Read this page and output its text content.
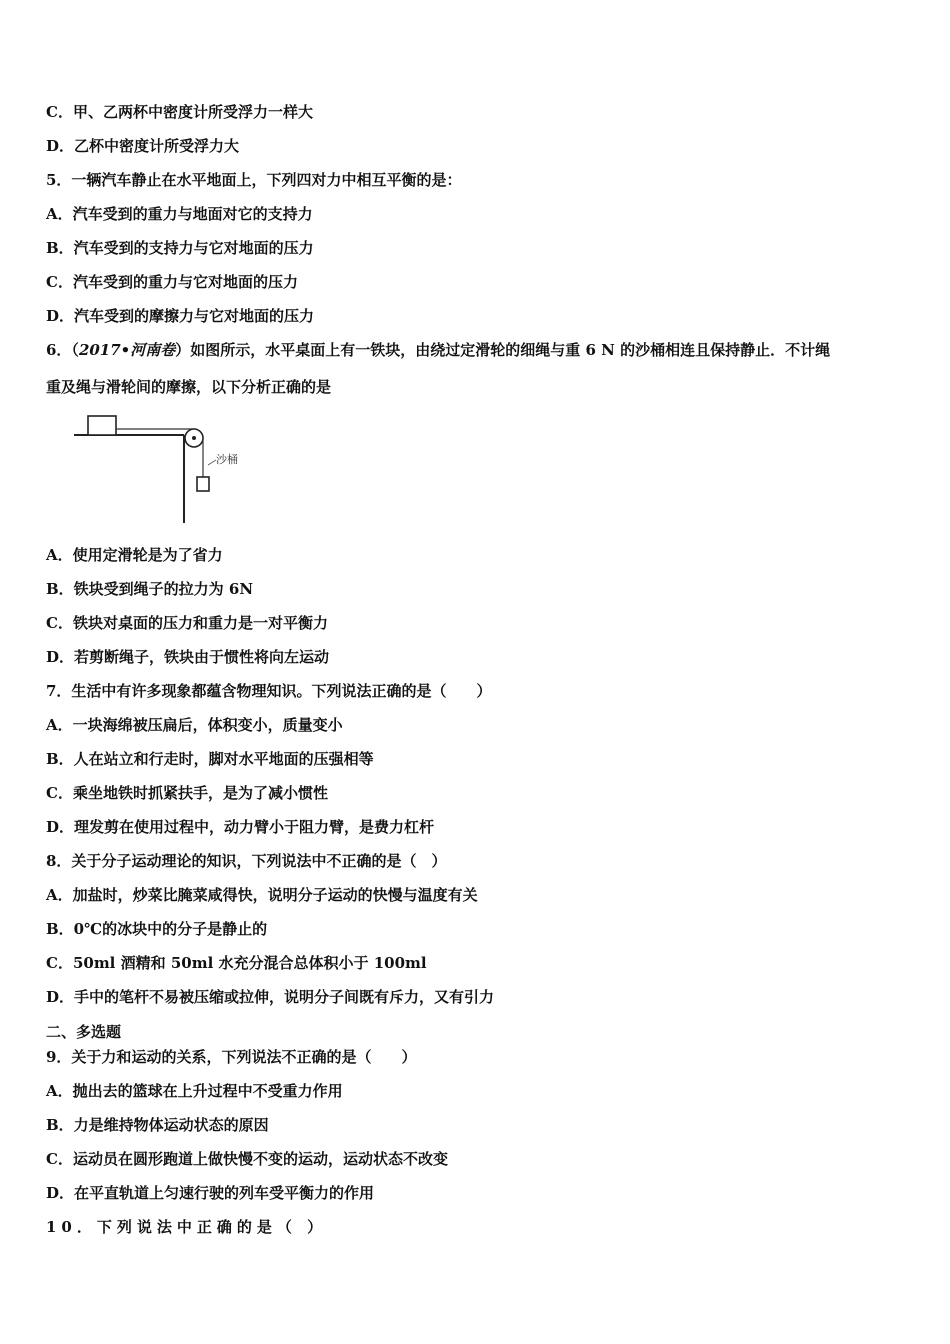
C．甲、乙两杯中密度计所受浮力一样大
D．乙杯中密度计所受浮力大
5．一辆汽车静止在水平地面上，下列四对力中相互平衡的是：
A．汽车受到的重力与地面对它的支持力
B．汽车受到的支持力与它对地面的压力
C．汽车受到的重力与它对地面的压力
D．汽车受到的摩擦力与它对地面的压力
6．（2017•河南卷）如图所示，水平桌面上有一铁块，由绕过定滑轮的细绳与重 6 N 的沙桶相连且保持静止．不计绳
重及绳与滑轮间的摩擦，以下分析正确的是
沙桶
A．使用定滑轮是为了省力
B．铁块受到绳子的拉力为 6N
C．铁块对桌面的压力和重力是一对平衡力
D．若剪断绳子，铁块由于惯性将向左运动
7．生活中有许多现象都蕴含物理知识。下列说法正确的是（　　）
A．一块海绵被压扁后，体积变小，质量变小
B．人在站立和行走时，脚对水平地面的压强相等
C．乘坐地铁时抓紧扶手，是为了减小惯性
D．理发剪在使用过程中，动力臂小于阻力臂，是费力杠杆
8．关于分子运动理论的知识，下列说法中不正确的是（　）
A．加盐时，炒菜比腌菜咸得快，说明分子运动的快慢与温度有关
B．0℃的冰块中的分子是静止的
C．50ml 酒精和 50ml 水充分混合总体积小于 100ml
D．手中的笔杆不易被压缩或拉伸，说明分子间既有斥力，又有引力
二、多选题
9．关于力和运动的关系，下列说法不正确的是（　　）
A．抛出去的篮球在上升过程中不受重力作用
B．力是维持物体运动状态的原因
C．运动员在圆形跑道上做快慢不变的运动，运动状态不改变
D．在平直轨道上匀速行驶的列车受平衡力的作用
10．下列说法中正确的是（ ）
